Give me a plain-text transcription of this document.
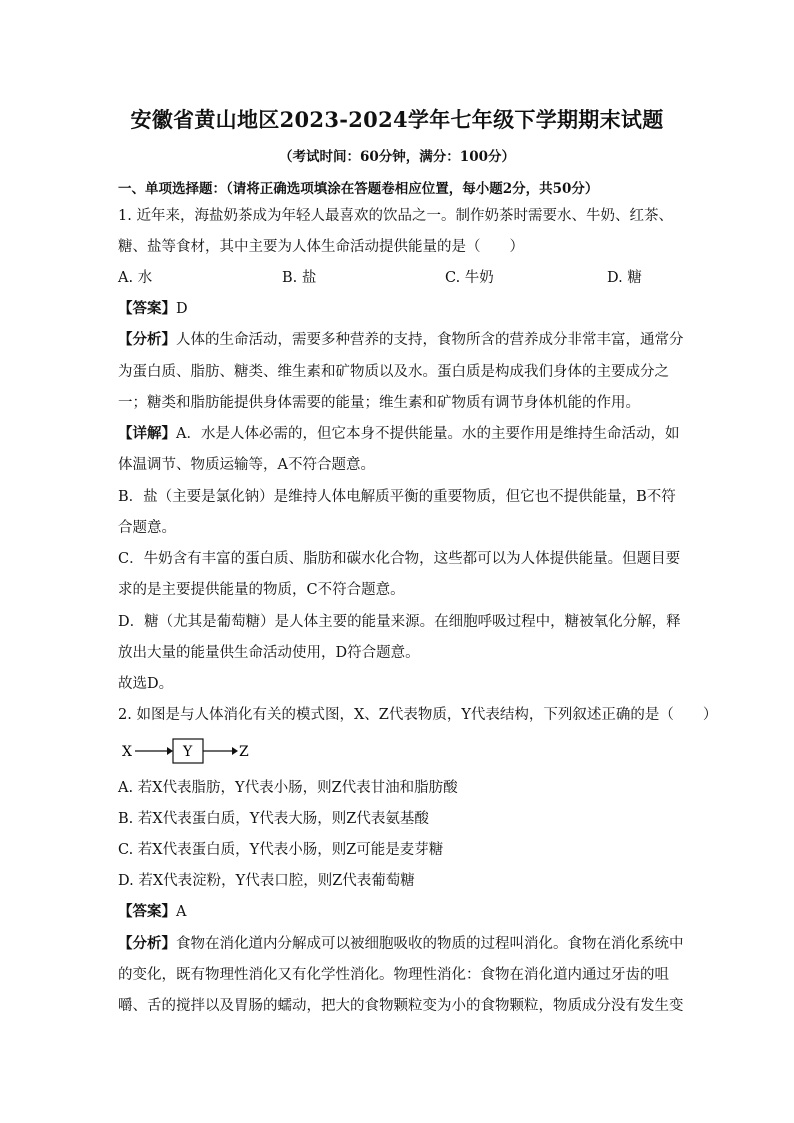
安徽省黄山地区2023-2024学年七年级下学期期末试题
（考试时间：60分钟，满分：100分）
一、单项选择题：（请将正确选项填涂在答题卷相应位置，每小题2分，共50分）
1. 近年来，海盐奶茶成为年轻人最喜欢的饮品之一。制作奶茶时需要水、牛奶、红茶、
糖、盐等食材，其中主要为人体生命活动提供能量的是（　　）
A. 水	B. 盐	C. 牛奶	D. 糖
【答案】D
【分析】人体的生命活动，需要多种营养的支持，食物所含的营养成分非常丰富，通常分
为蛋白质、脂肪、糖类、维生素和矿物质以及水。蛋白质是构成我们身体的主要成分之
一；糖类和脂肪能提供身体需要的能量；维生素和矿物质有调节身体机能的作用。
【详解】A．水是人体必需的，但它本身不提供能量。水的主要作用是维持生命活动，如
体温调节、物质运输等，A不符合题意。
B．盐（主要是氯化钠）是维持人体电解质平衡的重要物质，但它也不提供能量，B不符
合题意。
C．牛奶含有丰富的蛋白质、脂肪和碳水化合物，这些都可以为人体提供能量。但题目要
求的是主要提供能量的物质，C不符合题意。
D．糖（尤其是葡萄糖）是人体主要的能量来源。在细胞呼吸过程中，糖被氧化分解，释
放出大量的能量供生命活动使用，D符合题意。
故选D。
2. 如图是与人体消化有关的模式图，X、Z代表物质，Y代表结构，下列叙述正确的是（　　）
X	Y	Z
A. 若X代表脂肪，Y代表小肠，则Z代表甘油和脂肪酸
B. 若X代表蛋白质，Y代表大肠，则Z代表氨基酸
C. 若X代表蛋白质，Y代表小肠，则Z可能是麦芽糖
D. 若X代表淀粉，Y代表口腔，则Z代表葡萄糖
【答案】A
【分析】食物在消化道内分解成可以被细胞吸收的物质的过程叫消化。食物在消化系统中
的变化，既有物理性消化又有化学性消化。物理性消化：食物在消化道内通过牙齿的咀
嚼、舌的搅拌以及胃肠的蠕动，把大的食物颗粒变为小的食物颗粒，物质成分没有发生变
